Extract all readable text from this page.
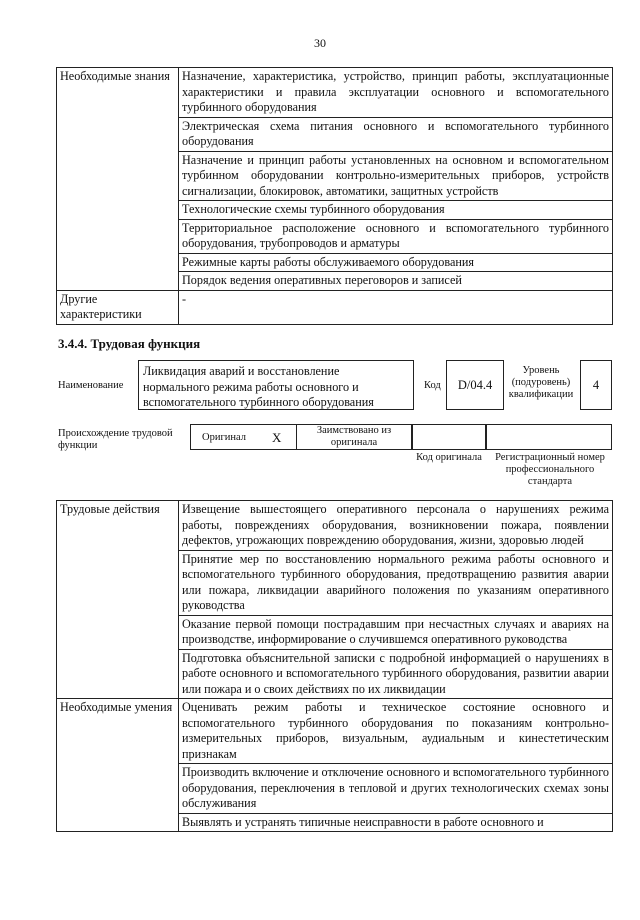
30
Необходимые знания	Назначение, характеристика, устройство, принцип работы, эксплуатационные характеристики и правила эксплуатации основного и вспомогательного турбинного оборудования
	Электрическая схема питания основного и вспомогательного турбинного оборудования
	Назначение и принцип работы установленных на основном и вспомогательном турбинном оборудовании контрольно-измерительных приборов, устройств сигнализации, блокировок, автоматики, защитных устройств
	Технологические схемы турбинного оборудования
	Территориальное расположение основного и вспомогательного турбинного оборудования, трубопроводов и арматуры
	Режимные карты работы обслуживаемого оборудования
	Порядок ведения оперативных переговоров и записей
Другие характеристики	-
3.4.4. Трудовая функция
Наименование
Ликвидация аварий и восстановление нормального режима работы основного и вспомогательного турбинного оборудования
Код	D/04.4
Уровень (подуровень) квалификации
4
Происхождение трудовой функции
Оригинал X	Заимствовано из оригинала
Код оригинала	Регистрационный номер профессионального стандарта
Трудовые действия	Извещение вышестоящего оперативного персонала о нарушениях режима работы, повреждениях оборудования, возникновении пожара, появлении дефектов, угрожающих повреждению оборудования, жизни, здоровью людей
	Принятие мер по восстановлению нормального режима работы основного и вспомогательного турбинного оборудования, предотвращению развития аварии или пожара, ликвидации аварийного положения по указаниям оперативного руководства
	Оказание первой помощи пострадавшим при несчастных случаях и авариях на производстве, информирование о случившемся оперативного руководства
	Подготовка объяснительной записки с подробной информацией о нарушениях в работе основного и вспомогательного турбинного оборудования, развитии аварии или пожара и о своих действиях по их ликвидации
Необходимые умения	Оценивать режим работы и техническое состояние основного и вспомогательного турбинного оборудования по показаниям контрольно-измерительных приборов, визуальным, аудиальным и кинестетическим признакам
	Производить включение и отключение основного и вспомогательного турбинного оборудования, переключения в тепловой и других технологических схемах зоны обслуживания
	Выявлять и устранять типичные неисправности в работе основного и
